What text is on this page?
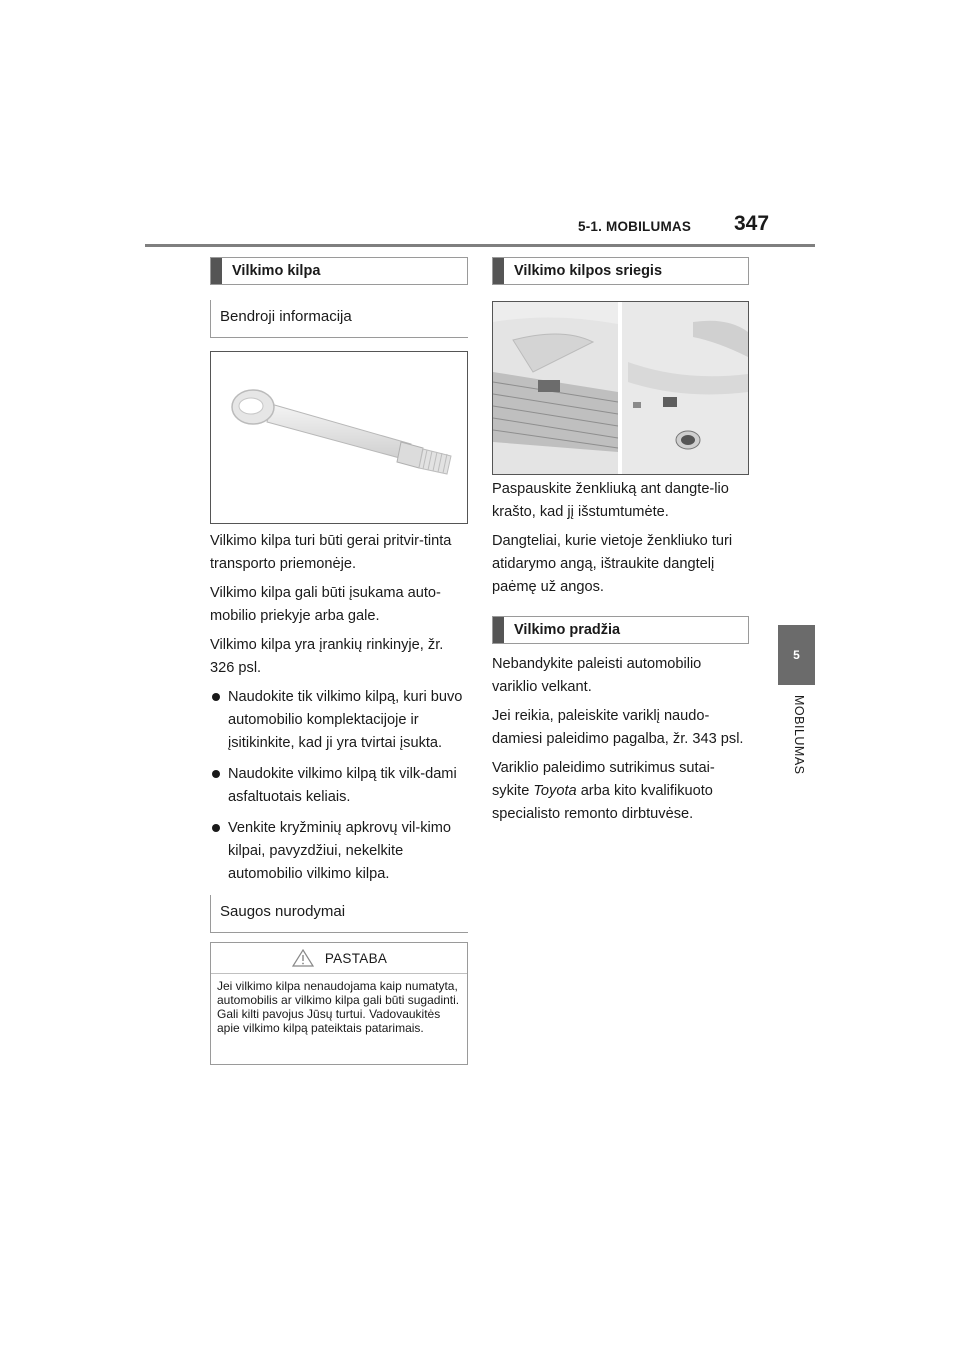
5-1. MOBILUMAS 347
5
MOBILUMAS
Vilkimo kilpa
Bendroji informacija

Vilkimo kilpa turi būti gerai pritvir-tinta transporto priemonėje.

Vilkimo kilpa gali būti įsukama auto-mobilio priekyje arba gale.

Vilkimo kilpa yra įrankių rinkinyje, žr. 326 psl.

Naudokite tik vilkimo kilpą, kuri buvo automobilio komplektacijoje ir įsitikinkite, kad ji yra tvirtai įsukta.
Naudokite vilkimo kilpą tik vilk-dami asfaltuotais keliais.
Venkite kryžminių apkrovų vil-kimo kilpai, pavyzdžiui, nekelkite automobilio vilkimo kilpa.
Saugos nurodymai
PASTABA
Jei vilkimo kilpa nenaudojama kaip numatyta, automobilis ar vilkimo kilpa gali būti sugadinti. Gali kilti pavojus Jūsų turtui. Vadovaukitės apie vilkimo kilpą pateiktais patarimais.
Vilkimo kilpos sriegis

Paspauskite ženkliuką ant dangte-lio krašto, kad jį išstumtumėte.

Dangteliai, kurie vietoje ženkliuko turi atidarymo angą, ištraukite dangtelį paėmę už angos.

Vilkimo pradžia

Nebandykite paleisti automobilio variklio velkant.

Jei reikia, paleiskite variklį naudo-damiesi paleidimo pagalba, žr. 343 psl.

Variklio paleidimo sutrikimus sutai-sykite Toyota arba kito kvalifikuoto specialisto remonto dirbtuvėse.
